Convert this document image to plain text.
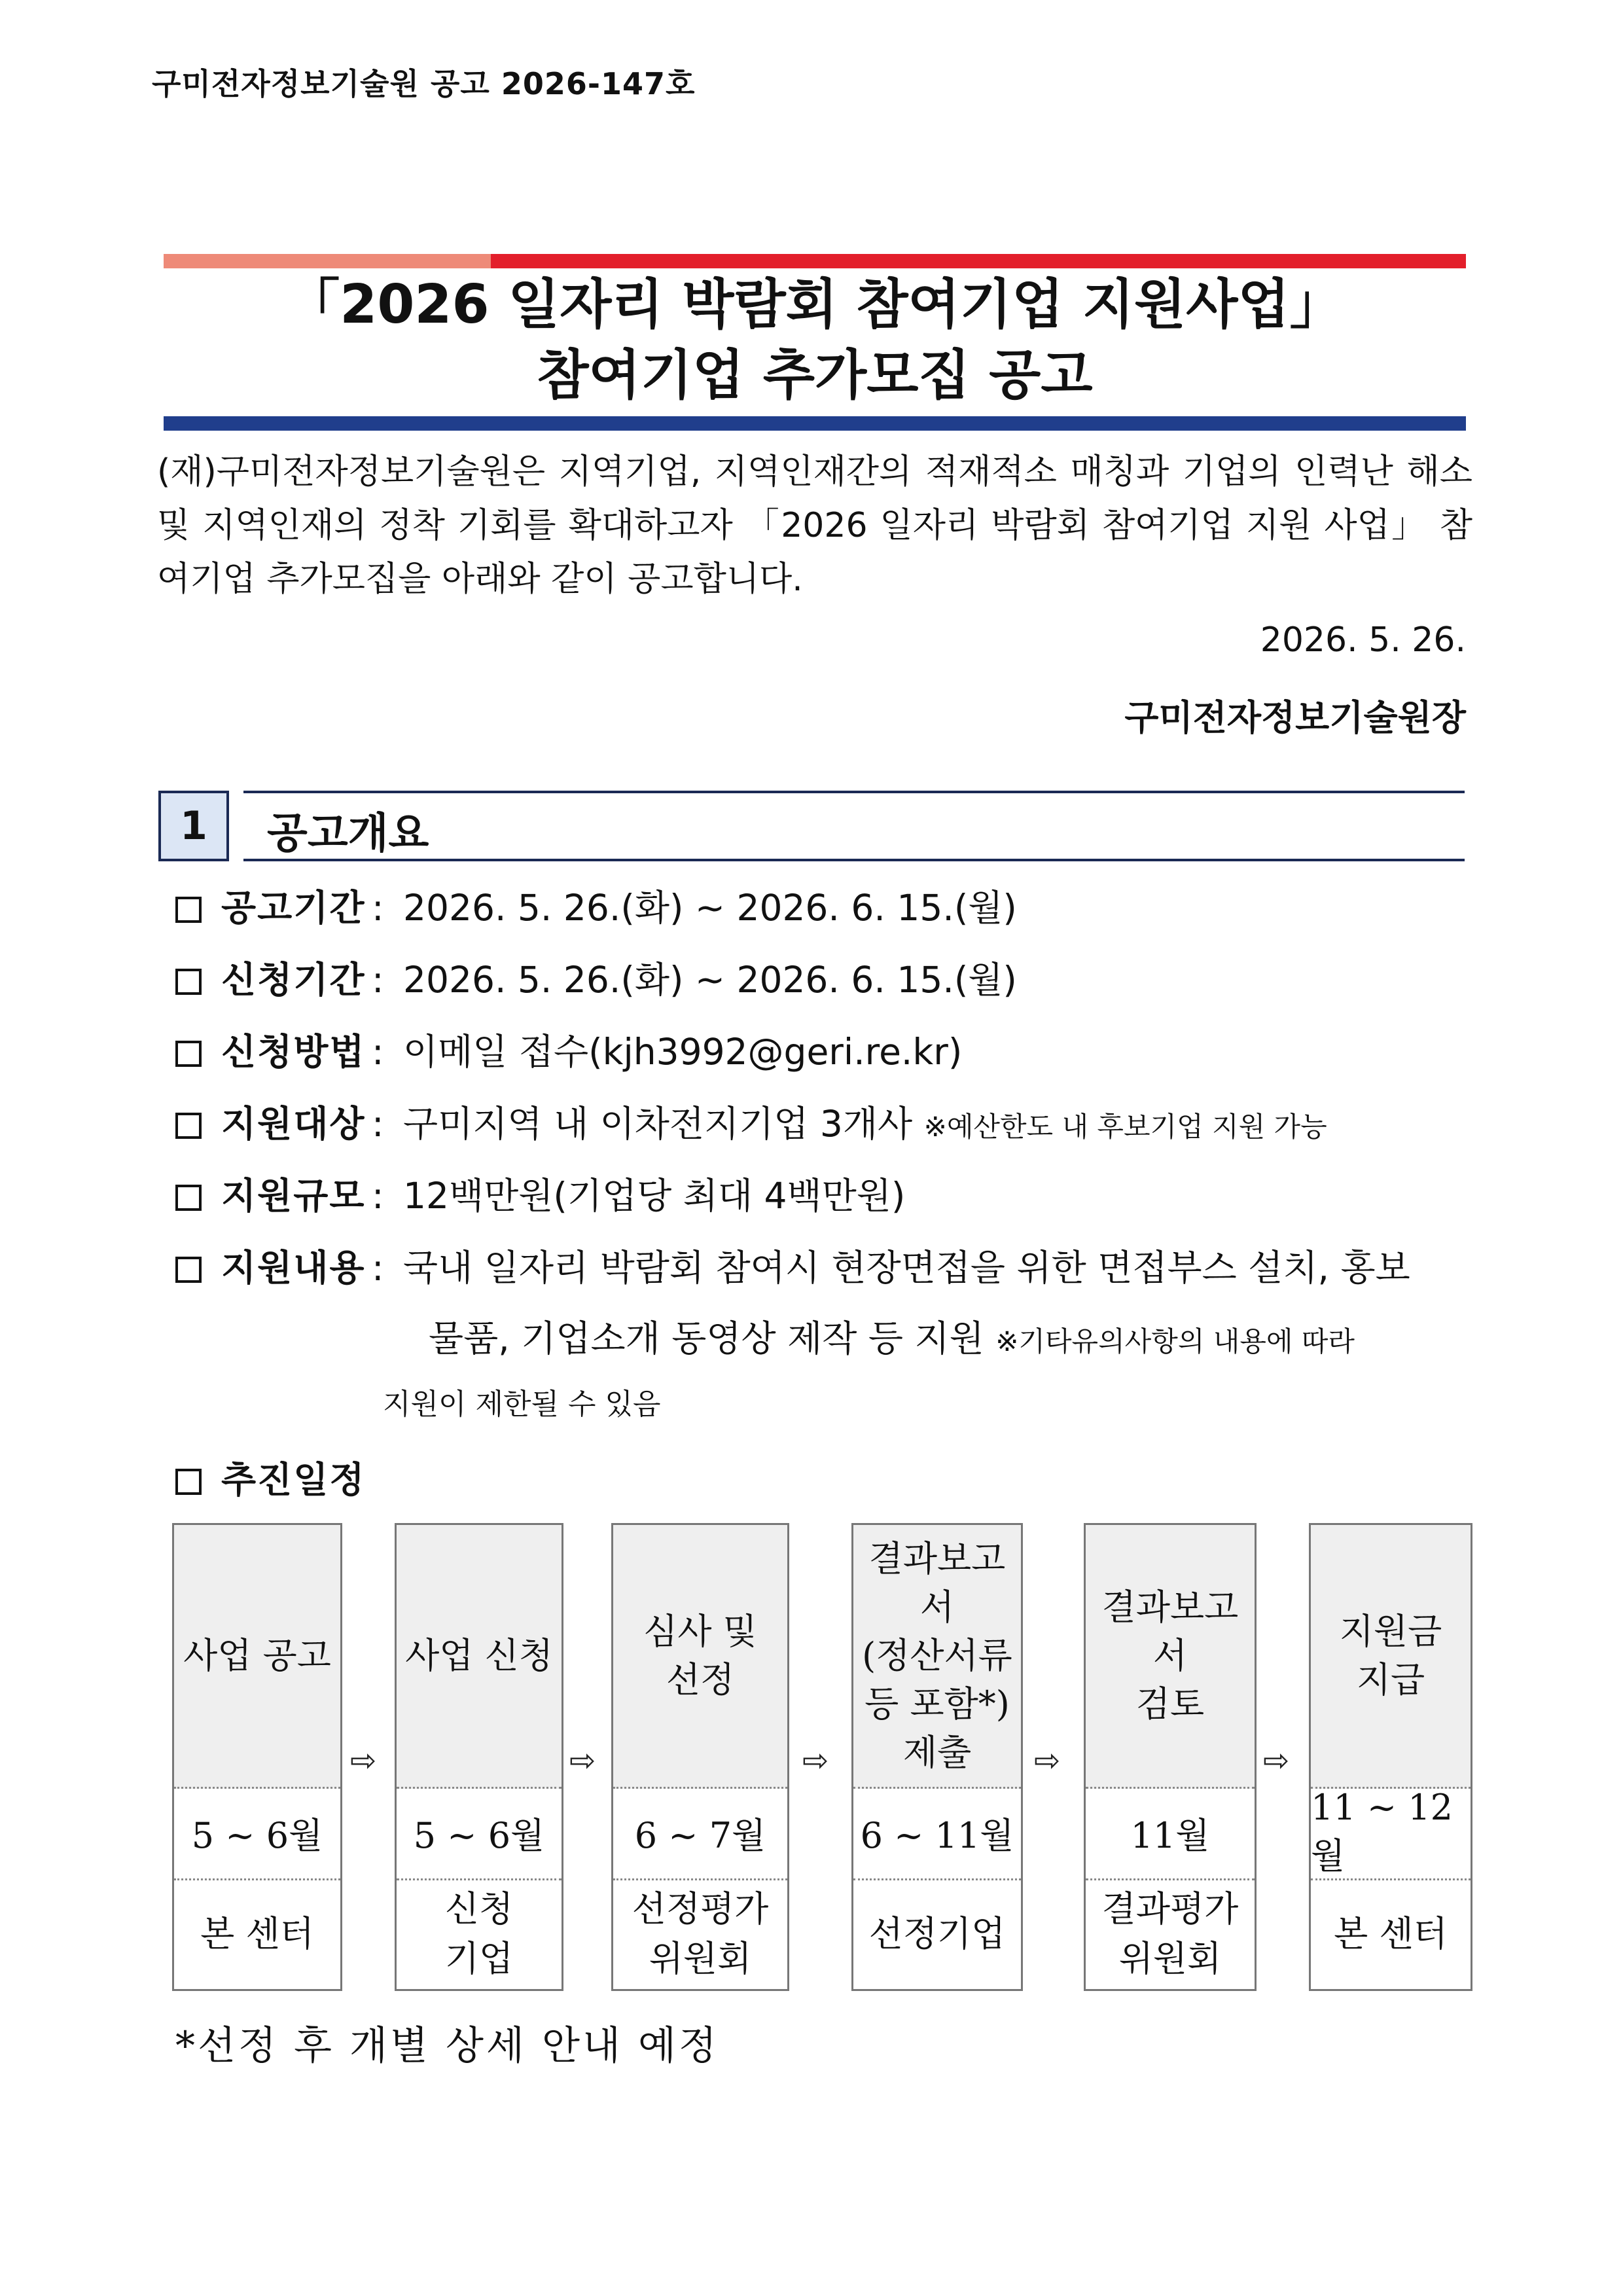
구미전자정보기술원 공고 2026-147호
「2026 일자리 박람회 참여기업 지원사업」
참여기업 추가모집 공고
(재)구미전자정보기술원은 지역기업, 지역인재간의 적재적소 매칭과 기업의 인력난 해소 및 지역인재의 정착 기회를 확대하고자 「2026 일자리 박람회 참여기업 지원 사업」 참여기업 추가모집을 아래와 같이 공고합니다.
2026. 5. 26.
구미전자정보기술원장
1	공고개요
공고기간 : 2026. 5. 26.(화) ~ 2026. 6. 15.(월)
신청기간 : 2026. 5. 26.(화) ~ 2026. 6. 15.(월)
신청방법 : 이메일 접수(kjh3992@geri.re.kr)
지원대상 : 구미지역 내 이차전지기업 3개사 ※예산한도 내 후보기업 지원 가능
지원규모 : 12백만원(기업당 최대 4백만원)
지원내용 : 국내 일자리 박람회 참여시 현장면접을 위한 면접부스 설치, 홍보
물품, 기업소개 동영상 제작 등 지원 ※기타유의사항의 내용에 따라
지원이 제한될 수 있음
추진일정
사업 공고
5 ~ 6월
본 센터
⇨
사업 신청
5 ~ 6월
신청
기업
⇨
심사 및
선정
6 ~ 7월
선정평가
위원회
⇨
결과보고서
(정산서류
등 포함*)
제출
6 ~ 11월
선정기업
⇨
결과보고서
검토
11월
결과평가
위원회
⇨
지원금
지급
11 ~ 12월
본 센터
*선정 후 개별 상세 안내 예정
